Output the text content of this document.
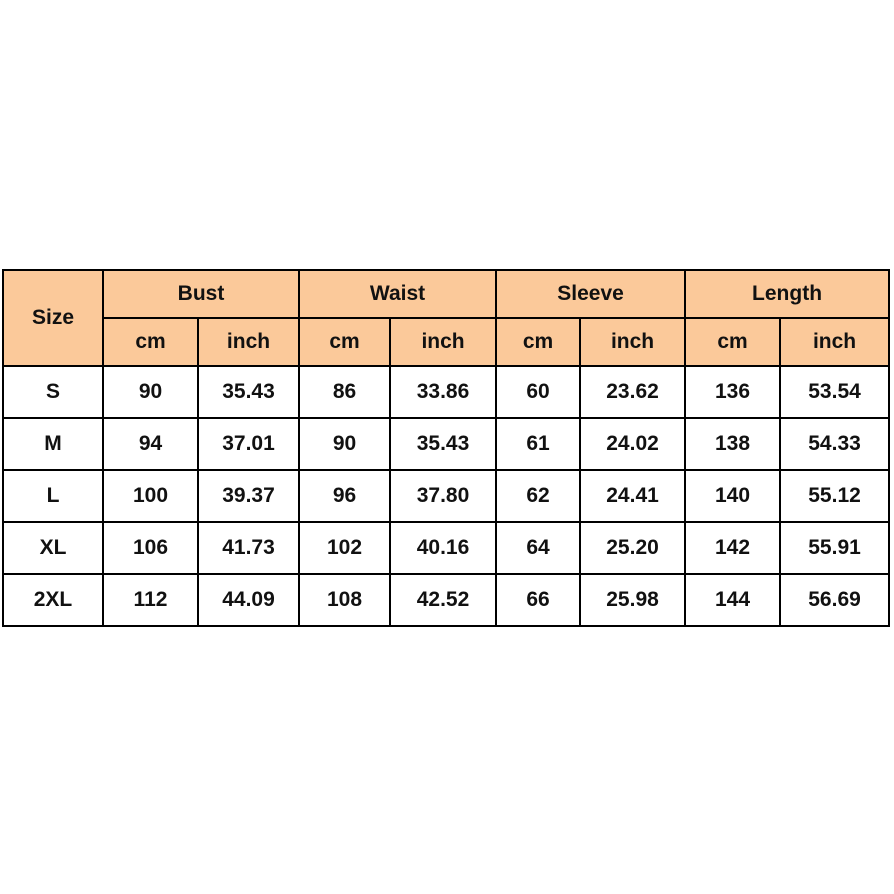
Size	Bust		Waist		Sleeve		Length	
	cm	inch	cm	inch	cm	inch	cm	inch
S	90	35.43	86	33.86	60	23.62	136	53.54
M	94	37.01	90	35.43	61	24.02	138	54.33
L	100	39.37	96	37.80	62	24.41	140	55.12
XL	106	41.73	102	40.16	64	25.20	142	55.91
2XL	112	44.09	108	42.52	66	25.98	144	56.69
